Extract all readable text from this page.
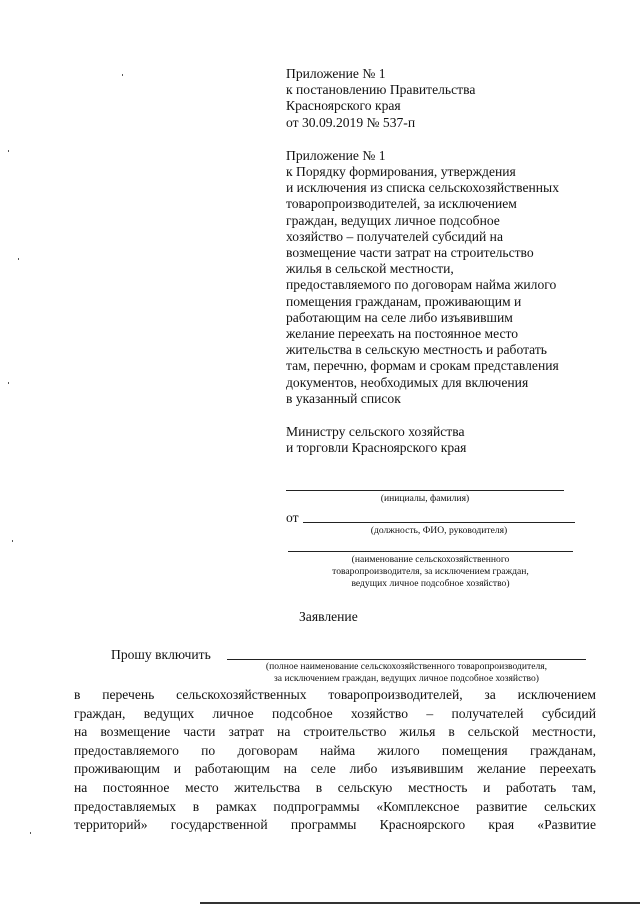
Приложение № 1
к постановлению Правительства
Красноярского края
от 30.09.2019 № 537-п
Приложение № 1
к Порядку формирования, утверждения
и исключения из списка сельскохозяйственных
товаропроизводителей, за исключением
граждан, ведущих личное подсобное
хозяйство – получателей субсидий на
возмещение части затрат на строительство
жилья в сельской местности,
предоставляемого по договорам найма жилого
помещения гражданам, проживающим и
работающим на селе либо изъявившим
желание переехать на постоянное место
жительства в сельскую местность и работать
там, перечню, формам и срокам представления
документов, необходимых для включения
в указанный список
Министру сельского хозяйства
и торговли Красноярского края
(инициалы, фамилия)
от
(должность, ФИО, руководителя)
(наименование сельскохозяйственного
товаропроизводителя, за исключением граждан,
ведущих личное подсобное хозяйство)
Заявление
Прошу включить
(полное наименование сельскохозяйственного товаропроизводителя,
за исключением граждан, ведущих личное подсобное хозяйство)
в перечень сельскохозяйственных товаропроизводителей, за исключением
граждан, ведущих личное подсобное хозяйство – получателей субсидий
на возмещение части затрат на строительство жилья в сельской местности,
предоставляемого по договорам найма жилого помещения гражданам,
проживающим и работающим на селе либо изъявившим желание переехать
на постоянное место жительства в сельскую местность и работать там,
предоставляемых в рамках подпрограммы «Комплексное развитие сельских
территорий» государственной программы Красноярского края «Развитие
